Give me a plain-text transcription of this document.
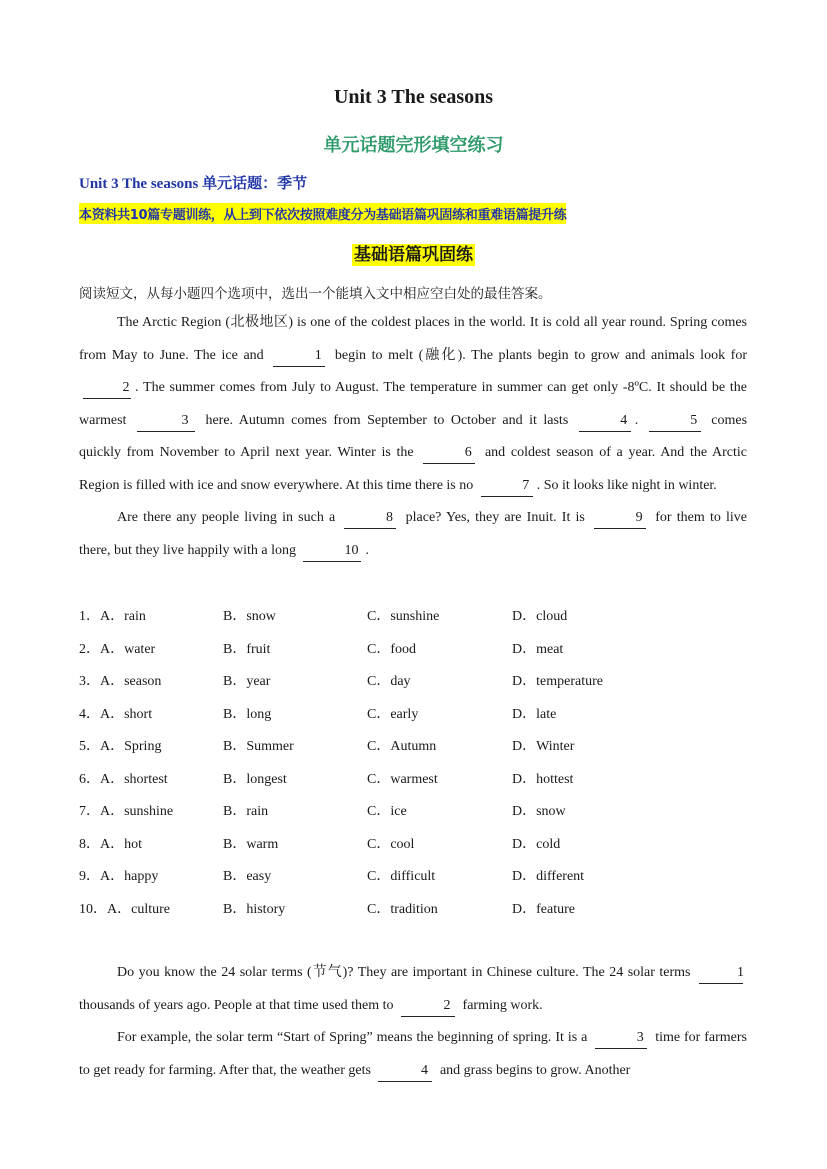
Unit 3 The seasons
单元话题完形填空练习
Unit 3 The seasons 单元话题：季节
本资料共10篇专题训练，从上到下依次按照难度分为基础语篇巩固练和重难语篇提升练
基础语篇巩固练
阅读短文，从每小题四个选项中，选出一个能填入文中相应空白处的最佳答案。

The Arctic Region (北极地区) is one of the coldest places in the world. It is cold all year round. Spring comes from May to June. The ice and	1 begin to melt (融化). The plants begin to grow and animals look for 2 . The summer comes from July to August. The temperature in summer can get only -8ºC. It should be the warmest	3 here. Autumn comes from September to October and it lasts	4 .	5 comes quickly from November to April next year. Winter is the	6 and coldest season of a year. And the Arctic Region is filled with ice and snow everywhere. At this time there is no	7 . So it looks like night in winter.

Are there any people living in such a	8 place? Yes, they are Inuit. It is	9 for them to live there, but they live happily with a long	10 .

1．A．rain	B．snow	C．sunshine	D．cloud
2．A．water	B．fruit	C．food	D．meat
3．A．season	B．year	C．day	D．temperature
4．A．short	B．long	C．early	D．late
5．A．Spring	B．Summer	C．Autumn	D．Winter
6．A．shortest	B．longest	C．warmest	D．hottest
7．A．sunshine	B．rain	C．ice	D．snow
8．A．hot	B．warm	C．cool	D．cold
9．A．happy	B．easy	C．difficult	D．different
10．A．culture	B．history	C．tradition	D．feature

Do you know the 24 solar terms (节气)? They are important in Chinese culture. The 24 solar terms	1 thousands of years ago. People at that time used them to	2 farming work.

For example, the solar term “Start of Spring” means the beginning of spring. It is a	3 time for farmers to get ready for farming. After that, the weather gets	4 and grass begins to grow. Another
